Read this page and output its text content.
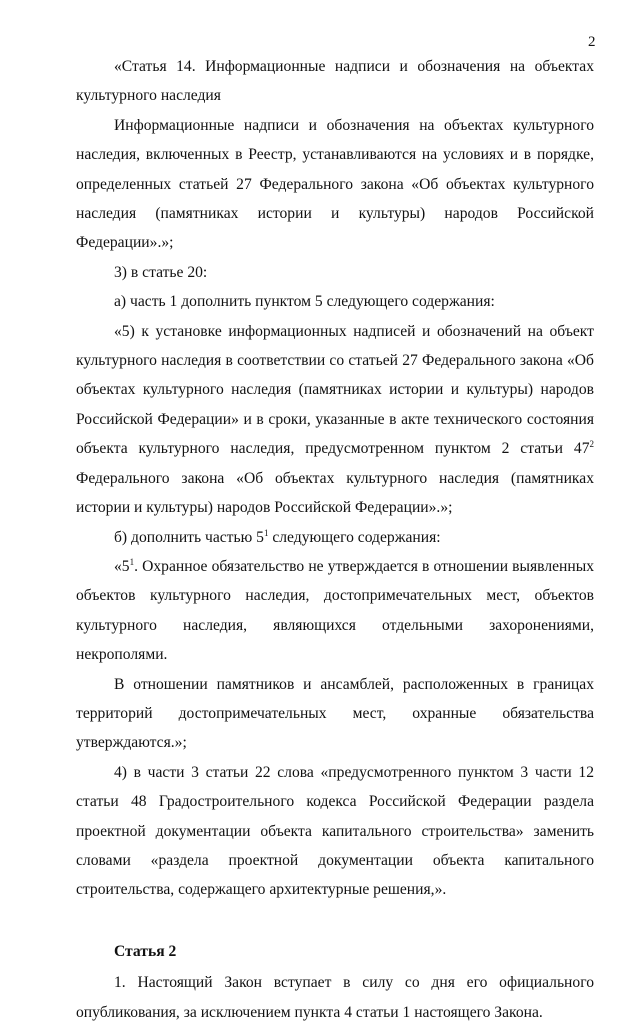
2

«Статья 14. Информационные надписи и обозначения на объектах культурного наследия

Информационные надписи и обозначения на объектах культурного наследия, включенных в Реестр, устанавливаются на условиях и в порядке, определенных статьей 27 Федерального закона «Об объектах культурного наследия (памятниках истории и культуры) народов Российской Федерации».»;

3) в статье 20:

а) часть 1 дополнить пунктом 5 следующего содержания:

«5) к установке информационных надписей и обозначений на объект культурного наследия в соответствии со статьей 27 Федерального закона «Об объектах культурного наследия (памятниках истории и культуры) народов Российской Федерации» и в сроки, указанные в акте технического состояния объекта культурного наследия, предусмотренном пунктом 2 статьи $47^2$ Федерального закона «Об объектах культурного наследия (памятниках истории и культуры) народов Российской Федерации».»;

б) дополнить частью $5^1$ следующего содержания:

«$5^1$. Охранное обязательство не утверждается в отношении выявленных объектов культурного наследия, достопримечательных мест, объектов культурного наследия, являющихся отдельными захоронениями, некрополями.

В отношении памятников и ансамблей, расположенных в границах территорий достопримечательных мест, охранные обязательства утверждаются.»;

4) в части 3 статьи 22 слова «предусмотренного пунктом 3 части 12 статьи 48 Градостроительного кодекса Российской Федерации раздела проектной документации объекта капитального строительства» заменить словами «раздела проектной документации объекта капитального строительства, содержащего архитектурные решения,».

Статья 2

1. Настоящий Закон вступает в силу со дня его официального опубликования, за исключением пункта 4 статьи 1 настоящего Закона.
